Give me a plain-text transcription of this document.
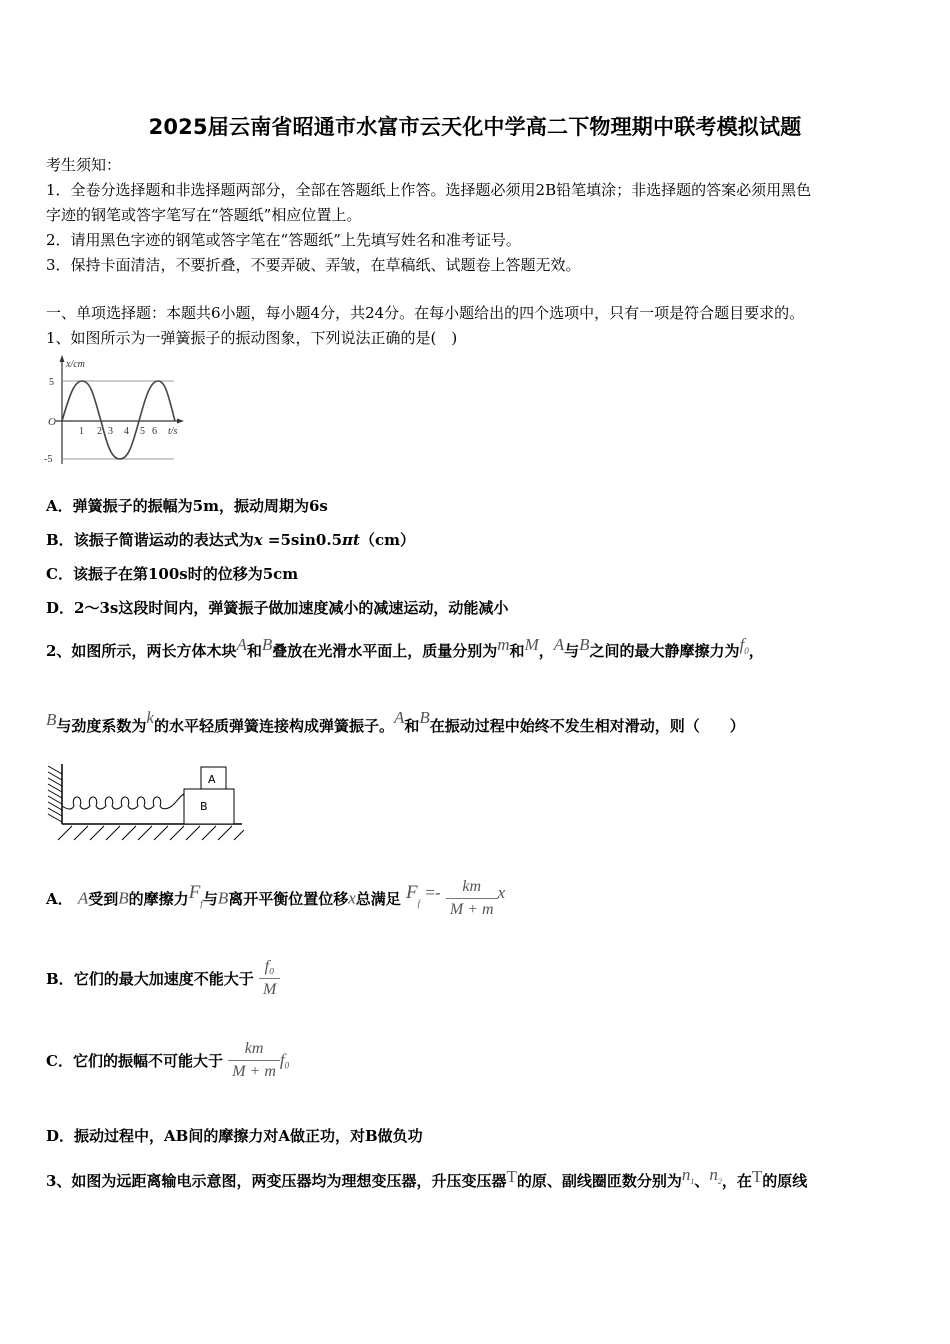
2025届云南省昭通市水富市云天化中学高二下物理期中联考模拟试题
考生须知：
1．全卷分选择题和非选择题两部分，全部在答题纸上作答。选择题必须用2B铅笔填涂；非选择题的答案必须用黑色
字迹的钢笔或答字笔写在“答题纸”相应位置上。
2．请用黑色字迹的钢笔或答字笔在“答题纸”上先填写姓名和准考证号。
3．保持卡面清洁，不要折叠，不要弄破、弄皱，在草稿纸、试题卷上答题无效。
一、单项选择题：本题共6小题，每小题4分，共24分。在每小题给出的四个选项中，只有一项是符合题目要求的。
1、如图所示为一弹簧振子的振动图象，下列说法正确的是(　)
x/cm
5
-5
O
1 2 3 4 5 6 t/s
A．弹簧振子的振幅为5m，振动周期为6s
B．该振子简谐运动的表达式为x =5sin0.5πt（cm）
C．该振子在第100s时的位移为5cm
D．2～3s这段时间内，弹簧振子做加速度减小的减速运动，动能减小
2、如图所示，两长方体木块A和B叠放在光滑水平面上，质量分别为m和M，A与B之间的最大静摩擦力为$f_0$，
B与劲度系数为k的水平轻质弹簧连接构成弹簧振子。A和B在振动过程中始终不发生相对滑动，则（　　）
A
B
A． A受到B的摩擦力$F_f$与B离开平衡位置位移x总满足 $F_f =- \frac{km}{M + m}$ x
B．它们的最大加速度不能大于 $\frac{\text{f₀}}{M}$
C．它们的振幅不可能大于 $\frac{km}{M + m} f_0$
D．振动过程中，AB间的摩擦力对A做正功，对B做负功
3、如图为远距离输电示意图，两变压器均为理想变压器，升压变压器T的原、副线圈匝数分别为$n_1$、$n_2$，在T的原线
